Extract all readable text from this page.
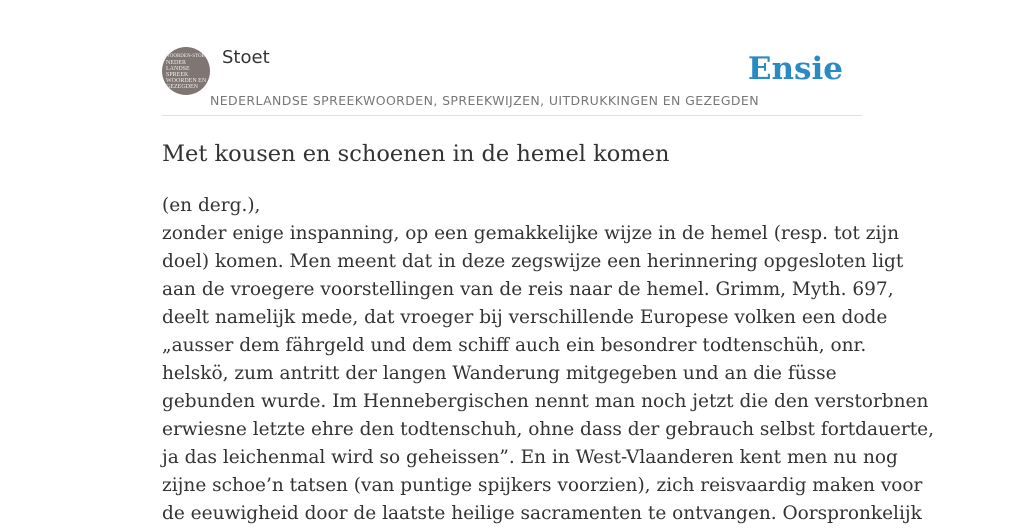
WOORDEN-STOET
NEDER
LANDSE
SPREEK
WOORDEN EN
GEZEGDEN
Stoet
NEDERLANDSE SPREEKWOORDEN, SPREEKWIJZEN, UITDRUKKINGEN EN GEZEGDEN
Ensie
Met kousen en schoenen in de hemel komen
(en derg.),
zonder enige inspanning, op een gemakkelijke wijze in de hemel (resp. tot zijn
doel) komen. Men meent dat in deze zegswijze een herinnering opgesloten ligt
aan de vroegere voorstellingen van de reis naar de hemel. Grimm, Myth. 697,
deelt namelijk mede, dat vroeger bij verschillende Europese volken een dode
„ausser dem fährgeld und dem schiff auch ein besondrer todtenschüh, onr.
helskö, zum antritt der langen Wanderung mitgegeben und an die füsse
gebunden wurde. Im Hennebergischen nennt man noch jetzt die den verstorbnen
erwiesne letzte ehre den todtenschuh, ohne dass der gebrauch selbst fortdauerte,
ja das leichenmal wird so geheissen”. En in West-Vlaanderen kent men nu nog
zijne schoe’n tatsen (van puntige spijkers voorzien), zich reisvaardig maken voor
de eeuwigheid door de laatste heilige sacramenten te ontvangen. Oorspronkelijk
